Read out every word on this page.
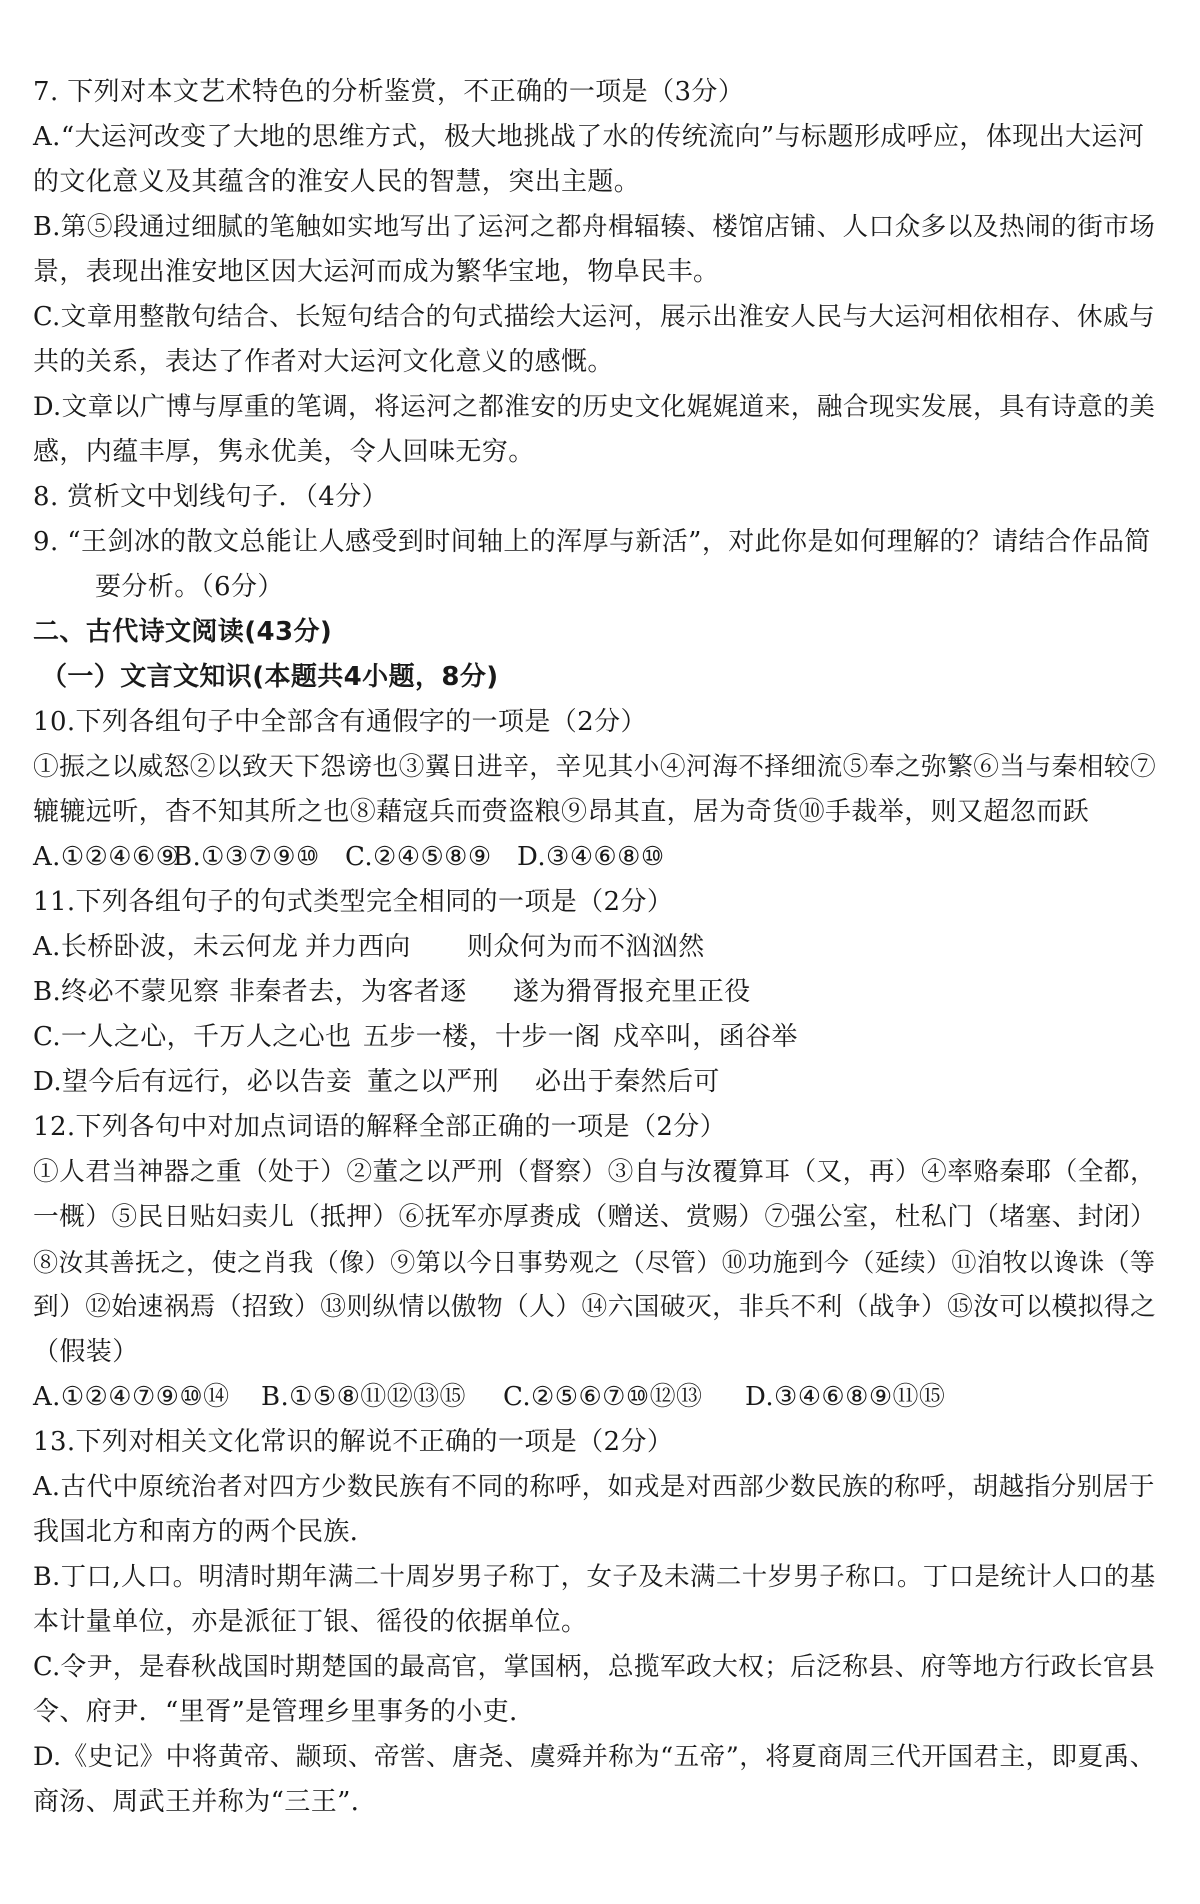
7. 下列对本文艺术特色的分析鉴赏，不正确的一项是（3分）
A.“大运河改变了大地的思维方式，极大地挑战了水的传统流向”与标题形成呼应，体现出大运河
的文化意义及其蕴含的淮安人民的智慧，突出主题。
B.第⑤段通过细腻的笔触如实地写出了运河之都舟楫辐辏、楼馆店铺、人口众多以及热闹的街市场
景，表现出淮安地区因大运河而成为繁华宝地，物阜民丰。
C.文章用整散句结合、长短句结合的句式描绘大运河，展示出淮安人民与大运河相依相存、休戚与
共的关系，表达了作者对大运河文化意义的感慨。
D.文章以广博与厚重的笔调，将运河之都淮安的历史文化娓娓道来，融合现实发展，具有诗意的美
感，内蕴丰厚，隽永优美，令人回味无穷。
8. 赏析文中划线句子．（4分）
9. “王剑冰的散文总能让人感受到时间轴上的浑厚与新活”，对此你是如何理解的？请结合作品简
要分析。（6分）
二、古代诗文阅读(43分)
（一）文言文知识(本题共4小题，8分)
10.下列各组句子中全部含有通假字的一项是（2分）
①振之以威怒②以致天下怨谤也③翼日进辛，辛见其小④河海不择细流⑤奉之弥繁⑥当与秦相较⑦
辘辘远听，杳不知其所之也⑧藉寇兵而赍盗粮⑨昂其直，居为奇货⑩手裁举，则又超忽而跃
A.①②④⑥⑨B.①③⑦⑨⑩ C.②④⑤⑧⑨ D.③④⑥⑧⑩
11.下列各组句子的句式类型完全相同的一项是（2分）
A.长桥卧波，未云何龙 并力西向 则众何为而不汹汹然
B.终必不蒙见察 非秦者去，为客者逐 遂为猾胥报充里正役
C.一人之心，千万人之心也 五步一楼，十步一阁 戍卒叫，函谷举
D.望今后有远行，必以告妾 董之以严刑 必出于秦然后可
12.下列各句中对加点词语的解释全部正确的一项是（2分）
①人君当神器之重（处于）②董之以严刑（督察）③自与汝覆算耳（又，再）④率赂秦耶（全都，
一概）⑤民日贴妇卖儿（抵押）⑥抚军亦厚赉成（赠送、赏赐）⑦强公室，杜私门（堵塞、封闭）
⑧汝其善抚之，使之肖我（像）⑨第以今日事势观之（尽管）⑩功施到今（延续）⑪洎牧以谗诛（等
到）⑫始速祸焉（招致）⑬则纵情以傲物（人）⑭六国破灭，非兵不利（战争）⑮汝可以模拟得之
（假装）
A.①②④⑦⑨⑩⑭ B.①⑤⑧⑪⑫⑬⑮ C.②⑤⑥⑦⑩⑫⑬ D.③④⑥⑧⑨⑪⑮
13.下列对相关文化常识的解说不正确的一项是（2分）
A.古代中原统治者对四方少数民族有不同的称呼，如戎是对西部少数民族的称呼，胡越指分别居于
我国北方和南方的两个民族．
B.丁口,人口。明清时期年满二十周岁男子称丁，女子及未满二十岁男子称口。丁口是统计人口的基
本计量单位，亦是派征丁银、徭役的依据单位。
C.令尹，是春秋战国时期楚国的最高官，掌国柄，总揽军政大权；后泛称县、府等地方行政长官县
令、府尹．“里胥”是管理乡里事务的小吏．
D.《史记》中将黄帝、颛顼、帝喾、唐尧、虞舜并称为“五帝”，将夏商周三代开国君主，即夏禹、
商汤、周武王并称为“三王”．
